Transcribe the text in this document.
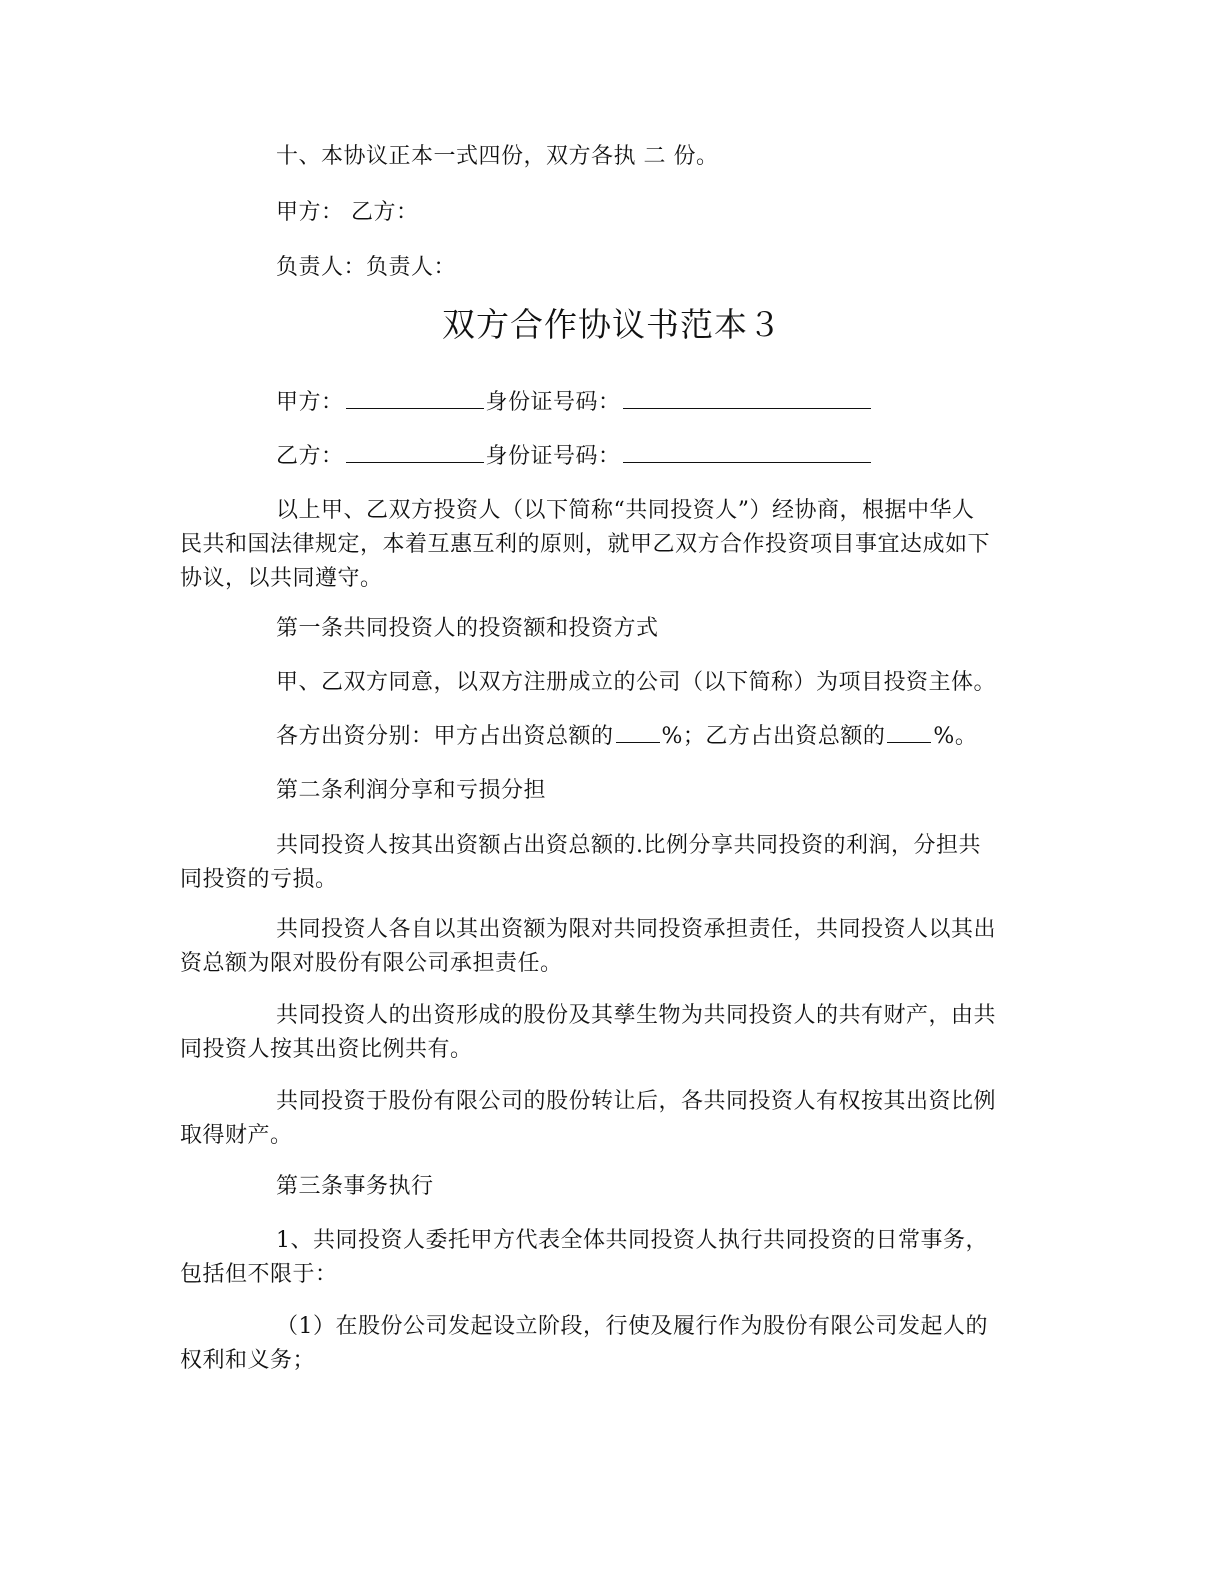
十、本协议正本一式四份，双方各执 二 份。
甲方： 乙方：
负责人：负责人：
双方合作协议书范本３
甲方：	身份证号码：
乙方：	身份证号码：
以上甲、乙双方投资人（以下简称“共同投资人”）经协商，根据中华人
民共和国法律规定，本着互惠互利的原则，就甲乙双方合作投资项目事宜达成如下
协议，以共同遵守。
第一条共同投资人的投资额和投资方式
甲、乙双方同意，以双方注册成立的公司（以下简称）为项目投资主体。
各方出资分别：甲方占出资总额的 %；乙方占出资总额的 %。
第二条利润分享和亏损分担
共同投资人按其出资额占出资总额的.比例分享共同投资的利润，分担共
同投资的亏损。
共同投资人各自以其出资额为限对共同投资承担责任，共同投资人以其出
资总额为限对股份有限公司承担责任。
共同投资人的出资形成的股份及其孳生物为共同投资人的共有财产，由共
同投资人按其出资比例共有。
共同投资于股份有限公司的股份转让后，各共同投资人有权按其出资比例
取得财产。
第三条事务执行
1、共同投资人委托甲方代表全体共同投资人执行共同投资的日常事务，
包括但不限于：
（1）在股份公司发起设立阶段，行使及履行作为股份有限公司发起人的
权利和义务；
